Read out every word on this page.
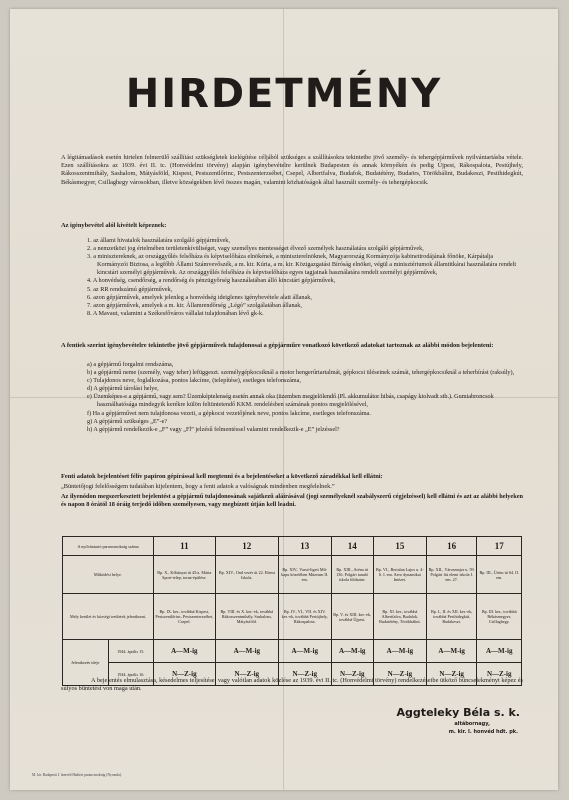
HIRDETMÉNY
A légitámadások esetén hirtelen felmerülő szállítási szükségletek kielégítése céljából szükséges a szállításokra tekintetbe jövő személy- és tehergépjárművek nyilvántartásba vétele. Ezen szállításokra az 1939. évi II. tc. (Honvédelmi törvény) alapján igénybevételre kerülnek Budapesten és annak környékén és pedig Újpest, Rákospalota, Pestújhely, Rákosszentmihály, Sashalom, Mátyásföld, Kispest, Pestszentlőrinc, Pestszenterzsébet, Csepel, Albertfalva, Budafok, Budatétény, Budaörs, Törökbálint, Budakeszi, Pestihidegkút, Békásmegyer, Csillaghegy városokban, illetve községekben lévő összes magán, valamint közhatóságok által használt személy- és tehergépkocsik.
Az igénybevétel alól kivételt képeznek:
1. az állami hivatalok használatára szolgáló gépjárművek,
2. a nemzetközi jog értelmében területenkívüliséget, vagy személyes mentességet élvező személyek használatára szolgáló gépjárművek,
3. a minisztereknek, az országgyűlés felsőháza és képviselőháza elnökének, a miniszterelnöknek, Magyarország Kormányzója kabinetirodájának főnöke, Kárpátalja Kormányzói Biztosa, a legfőbb Állami Számvevőszék, a m. kir. Kúria, a m. kir. Közigazgatási Bíróság elnökei, végül a minisztériumok államtitkárai használatára rendelt kincstári személyi gépjárművek. Az országgyűlés felsőháza és képviselőháza egyes tagjainak használatára rendelt személyi gépjárművek,
4. A honvédség, csendőrség, a rendőrség és pénzügyőrség használatában álló kincstári gépjárművek,
5. az RR rendszámú gépjárművek,
6. azon gépjárművek, amelyek jelenleg a honvédség ideiglenes igénybevétele alatt állanak,
7. azon gépjárművek, amelyek a m. kir. Államrendőrség „Légó” szolgálatában állanak,
8. A Mavaut, valamint a Székesfőváros vállalat tulajdonában lévő gk-k.
A fentiek szerint igénybevételre tekintetbe jövő gépjárművek tulajdonosai a gépjárműre vonatkozó következő adatokat tartoznak az alábbi módon bejelenteni:
a) a gépjármű forgalmi rendszáma,
b) a gépjármű neme (személy, vagy teher) lefüggeszt. személygépkocsiknál a motor hengerűrtartalmát, gépkocsi üléseinek számát, tehergépkocsiknál a teherbírást (raksúly),
c) Tulajdonos neve, foglalkozása, pontos lakcíme, (telepítése), esetleges telefonszáma,
d) A gépjármű tárolási helye,
e) Üzemképes-e a gépjármű, vagy sem? Üzemképtelenség esetén annak oka (üzemben megjelölendő (Pl. akkumulátor hibás, csapágy kiolvadt stb.). Gumiabroncsok használhatósága mindegyik kerékre külön feltüntetendő KKM. rendelésben számának pontos megjelölésével,
f) Ha a gépjárművet nem tulajdonosa vezeti, a gépkocsi vezetőjének neve, pontos lakcíme, esetleges telefonszáma.
g) A gépjármű szükséges „E”-e?
h) A gépjármű rendelkezik-e „F” vagy „Fl” jelzésű felmentéssel valamint rendelkezik-e „E” jelzéssel?
Fenti adatok bejelentéset félív papiron gépírással kell megtenni és a bejelentéseket a következő záradékkal kell ellátni:
„Büntetőjogi felelősségem tudatában kijelentem, hogy a fenti adatok a valóságnak mindenben megfelelnek.”
Az ilyenódon megszerkesztett bejelentést a gépjármű tulajdonosának sajátkezű aláírásával (jogi személyeknél szabályszerű cégjelzéssel) kell ellátni és azt az alábbi helyeken és napon 8 órától 18 óráig terjedő időben személyesen, vagy megbízott útján kell leadni.
A nyilvántartó parancsnokság száma		11	12	13	14	15	16	17
Működési helye.		Bp. X., Kőbányai út 45/a. Márta Sport-telep; torna-épülése.	Bp. XIV., Ond vezér út 22. Elemi Iskola.	Bp. XIV., Varsó-ligeti Mű-kapu közelében Múzeum II. em.	Bp. XIII., Aréna út 136. Polgári tanuló iskola földszint.	Bp. VI., Bertalan Lajos u. 4-6. I. em. Aero dynamikai Intézet.	Bp. XII., Városmajor u. 59. Polgári fiú elemi iskola I. em. 27.	Bp. III., Üröm út 64. II. em.
Mely kerület és községi területek jelentkezni.		Bp. IX. ker., továbbá Kispest, Pestszentlőrinc, Pestszenterzsébet, Csepel.	Bp. VIII. és X. ker.-ek, továbbá Rákosszentmihály, Sashalom, Mátyásföld.	Bp. IV., VI., VII. és XIV. ker.-ek, továbbá Pestújhely, Rákospalota.	Bp. V. és XIII. ker.-ek, továbbá Újpest.	Bp. XI. ker., továbbá Albertfalva, Budafok, Budatétény, Törökbálint.	Bp. I., II. és XII. ker.-ek, továbbá Pesthidegkút, Budakeszi.	Bp. III. ker., továbbá Békásmegyer, Csillaghegy.
Jelentkezés ideje	1944. április 15.	A—M-ig	A—M-ig	A—M-ig	A—M-ig	A—M-ig	A—M-ig	A—M-ig
	1944. április 16.	N—Z-ig	N—Z-ig	N—Z-ig	N—Z-ig	N—Z-ig	N—Z-ig	N—Z-ig
A bejelentés elmulasztása, késedelmes teljesítése, vagy valótlan adatok közlése az 1939. évi II. tc. (Honvédelmi törvény) rendelkezéseibe ütköző bűncselekményt képez és súlyos büntetést von maga után.
Aggteleky Béla s. k.
altábornagy,
m. kir. I. honvéd hdt. pk.
M. kir. Budapesti I. honvéd Hadtest parancsnokság (Nyomda).
